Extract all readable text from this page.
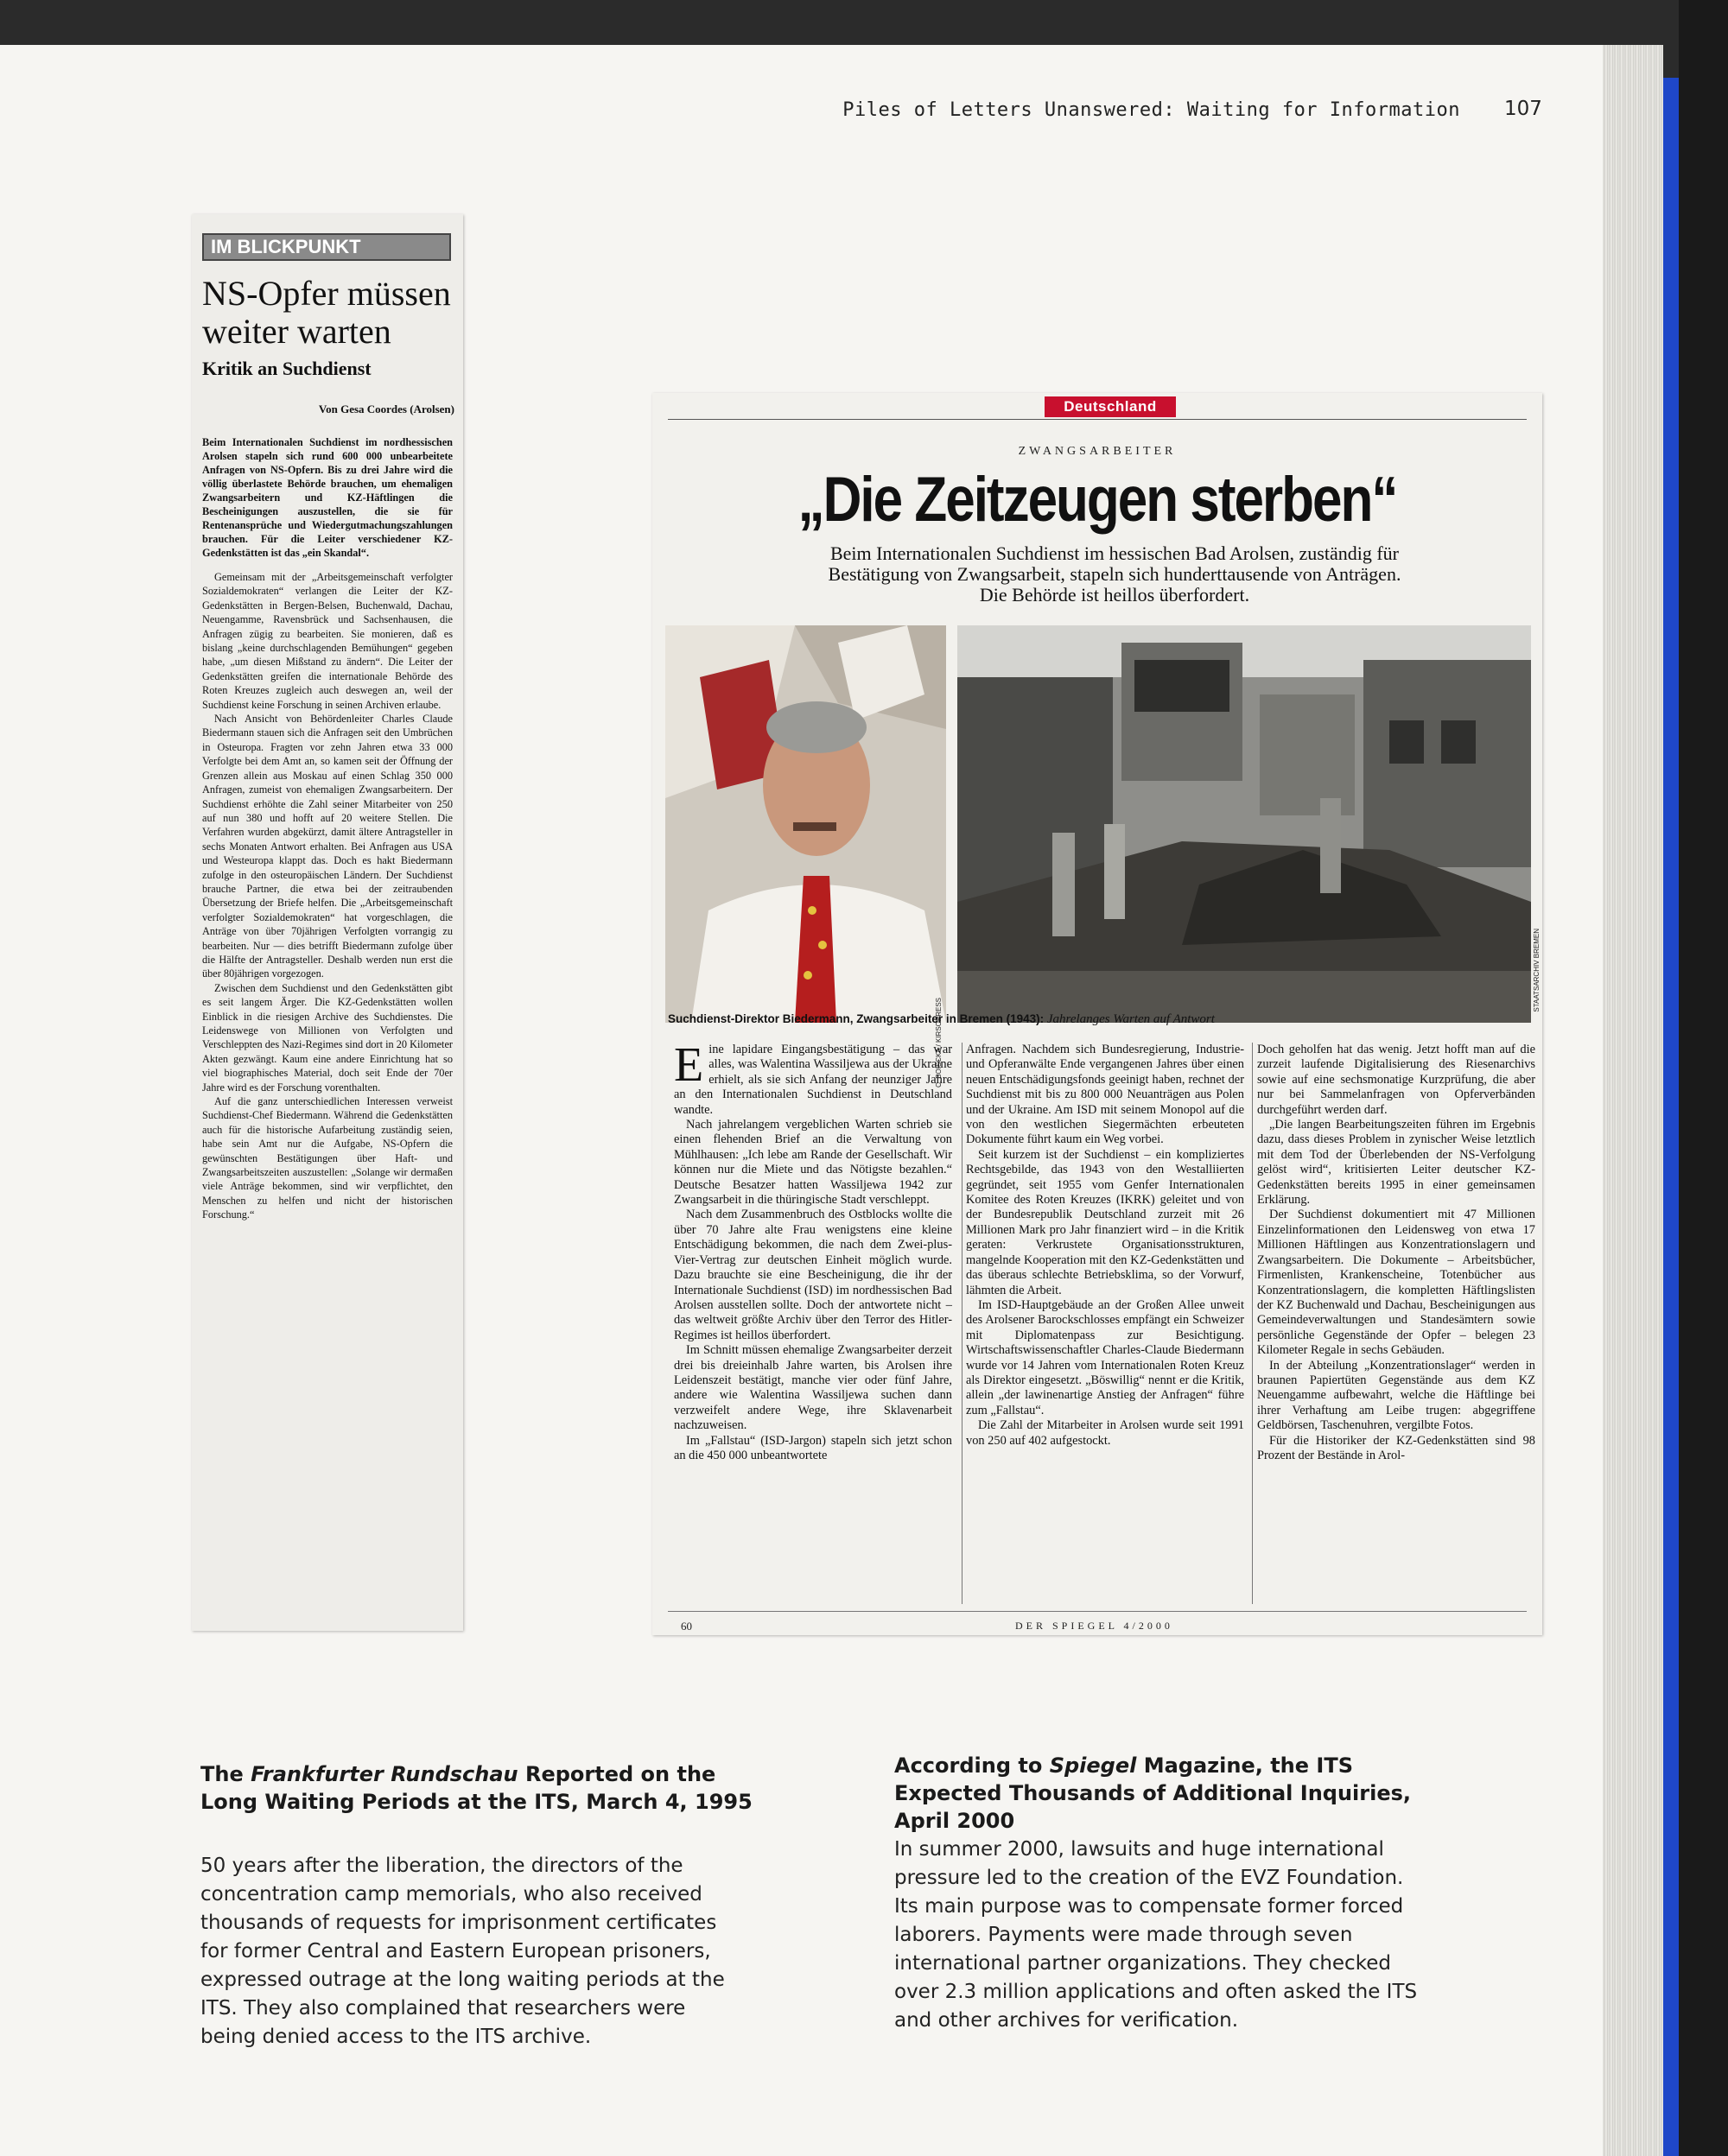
Piles of Letters Unanswered: Waiting for Information 107
IM BLICKPUNKT
NS-Opfer müssen weiter warten
Kritik an Suchdienst
Von Gesa Coordes (Arolsen)
Beim Internationalen Suchdienst im nordhessischen Arolsen stapeln sich rund 600 000 unbearbeitete Anfragen von NS-Opfern. Bis zu drei Jahre wird die völlig überlastete Behörde brauchen, um ehemaligen Zwangsarbeitern und KZ-Häftlingen die Bescheinigungen auszustellen, die sie für Rentenansprüche und Wiedergutmachungszahlungen brauchen. Für die Leiter verschiedener KZ-Gedenkstätten ist das „ein Skandal“.

Gemeinsam mit der „Arbeitsgemeinschaft verfolgter Sozialdemokraten“ verlangen die Leiter der KZ-Gedenkstätten in Bergen-Belsen, Buchenwald, Dachau, Neuengamme, Ravensbrück und Sachsenhausen, die Anfragen zügig zu bearbeiten. Sie monieren, daß es bislang „keine durchschlagenden Bemühungen“ gegeben habe, „um diesen Mißstand zu ändern“. Die Leiter der Gedenkstätten greifen die internationale Behörde des Roten Kreuzes zugleich auch deswegen an, weil der Suchdienst keine Forschung in seinen Archiven erlaube.

Nach Ansicht von Behördenleiter Charles Claude Biedermann stauen sich die Anfragen seit den Umbrüchen in Osteuropa. Fragten vor zehn Jahren etwa 33 000 Verfolgte bei dem Amt an, so kamen seit der Öffnung der Grenzen allein aus Moskau auf einen Schlag 350 000 Anfragen, zumeist von ehemaligen Zwangsarbeitern. Der Suchdienst erhöhte die Zahl seiner Mitarbeiter von 250 auf nun 380 und hofft auf 20 weitere Stellen. Die Verfahren wurden abgekürzt, damit ältere Antragsteller in sechs Monaten Antwort erhalten. Bei Anfragen aus USA und Westeuropa klappt das. Doch es hakt Biedermann zufolge in den osteuropäischen Ländern. Der Suchdienst brauche Partner, die etwa bei der zeitraubenden Übersetzung der Briefe helfen. Die „Arbeitsgemeinschaft verfolgter Sozialdemokraten“ hat vorgeschlagen, die Anträge von über 70jährigen Verfolgten vorrangig zu bearbeiten. Nur — dies betrifft Biedermann zufolge über die Hälfte der Antragsteller. Deshalb werden nun erst die über 80jährigen vorgezogen.

Zwischen dem Suchdienst und den Gedenkstätten gibt es seit langem Ärger. Die KZ-Gedenkstätten wollen Einblick in die riesigen Archive des Suchdienstes. Die Leidenswege von Millionen von Verfolgten und Verschleppten des Nazi-Regimes sind dort in 20 Kilometer Akten gezwängt. Kaum eine andere Einrichtung hat so viel biographisches Material, doch seit Ende der 70er Jahre wird es der Forschung vorenthalten.

Auf die ganz unterschiedlichen Interessen verweist Suchdienst-Chef Biedermann. Während die Gedenkstätten auch für die historische Aufarbeitung zuständig seien, habe sein Amt nur die Aufgabe, NS-Opfern die gewünschten Bestätigungen über Haft- und Zwangsarbeitszeiten auszustellen: „Solange wir dermaßen viele Anträge bekommen, sind wir verpflichtet, den Menschen zu helfen und nicht der historischen Forschung.“

Deutschland
ZWANGSARBEITER
„Die Zeitzeugen sterben“
Beim Internationalen Suchdienst im hessischen Bad Arolsen, zuständig für Bestätigung von Zwangsarbeit, stapeln sich hunderttausende von Anträgen. Die Behörde ist heillos überfordert.
C. BOISCKA / KIRSOPRESS
STAATSARCHIV BREMEN
Suchdienst-Direktor Biedermann, Zwangsarbeiter in Bremen (1943): Jahrelanges Warten auf Antwort

Eine lapidare Eingangsbestätigung – das war alles, was Walentina Wassiljewa aus der Ukraine erhielt, als sie sich Anfang der neunziger Jahre an den Internationalen Suchdienst in Deutschland wandte.

Nach jahrelangem vergeblichen Warten schrieb sie einen flehenden Brief an die Verwaltung von Mühlhausen: „Ich lebe am Rande der Gesellschaft. Wir können nur die Miete und das Nötigste bezahlen.“ Deutsche Besatzer hatten Wassiljewa 1942 zur Zwangsarbeit in die thüringische Stadt verschleppt.

Nach dem Zusammenbruch des Ostblocks wollte die über 70 Jahre alte Frau wenigstens eine kleine Entschädigung bekommen, die nach dem Zwei-plus-Vier-Vertrag zur deutschen Einheit möglich wurde. Dazu brauchte sie eine Bescheinigung, die ihr der Internationale Suchdienst (ISD) im nordhessischen Bad Arolsen ausstellen sollte. Doch der antwortete nicht – das weltweit größte Archiv über den Terror des Hitler-Regimes ist heillos überfordert.

Im Schnitt müssen ehemalige Zwangsarbeiter derzeit drei bis dreieinhalb Jahre warten, bis Arolsen ihre Leidenszeit bestätigt, manche vier oder fünf Jahre, andere wie Walentina Wassiljewa suchen dann verzweifelt andere Wege, ihre Sklavenarbeit nachzuweisen.

Im „Fallstau“ (ISD-Jargon) stapeln sich jetzt schon an die 450 000 unbeantwortete

Anfragen. Nachdem sich Bundesregierung, Industrie- und Opferanwälte Ende vergangenen Jahres über einen neuen Entschädigungsfonds geeinigt haben, rechnet der Suchdienst mit bis zu 800 000 Neuanträgen aus Polen und der Ukraine. Am ISD mit seinem Monopol auf die von den westlichen Siegermächten erbeuteten Dokumente führt kaum ein Weg vorbei.

Seit kurzem ist der Suchdienst – ein kompliziertes Rechtsgebilde, das 1943 von den Westalliierten gegründet, seit 1955 vom Genfer Internationalen Komitee des Roten Kreuzes (IKRK) geleitet und von der Bundesrepublik Deutschland zurzeit mit 26 Millionen Mark pro Jahr finanziert wird – in die Kritik geraten: Verkrustete Organisationsstrukturen, mangelnde Kooperation mit den KZ-Gedenkstätten und das überaus schlechte Betriebsklima, so der Vorwurf, lähmten die Arbeit.

Im ISD-Hauptgebäude an der Großen Allee unweit des Arolsener Barockschlosses empfängt ein Schweizer mit Diplomatenpass zur Besichtigung. Wirtschaftswissenschaftler Charles-Claude Biedermann wurde vor 14 Jahren vom Internationalen Roten Kreuz als Direktor eingesetzt. „Böswillig“ nennt er die Kritik, allein „der lawinenartige Anstieg der Anfragen“ führe zum „Fallstau“.

Die Zahl der Mitarbeiter in Arolsen wurde seit 1991 von 250 auf 402 aufgestockt.

Doch geholfen hat das wenig. Jetzt hofft man auf die zurzeit laufende Digitalisierung des Riesenarchivs sowie auf eine sechsmonatige Kurzprüfung, die aber nur bei Sammelanfragen von Opferverbänden durchgeführt werden darf.

„Die langen Bearbeitungszeiten führen im Ergebnis dazu, dass dieses Problem in zynischer Weise letztlich mit dem Tod der Überlebenden der NS-Verfolgung gelöst wird“, kritisierten Leiter deutscher KZ-Gedenkstätten bereits 1995 in einer gemeinsamen Erklärung.

Der Suchdienst dokumentiert mit 47 Millionen Einzelinformationen den Leidensweg von etwa 17 Millionen Häftlingen aus Konzentrationslagern und Zwangsarbeitern. Die Dokumente – Arbeitsbücher, Firmenlisten, Krankenscheine, Totenbücher aus Konzentrationslagern, die kompletten Häftlingslisten der KZ Buchenwald und Dachau, Bescheinigungen aus Gemeindeverwaltungen und Standesämtern sowie persönliche Gegenstände der Opfer – belegen 23 Kilometer Regale in sechs Gebäuden.

In der Abteilung „Konzentrationslager“ werden in braunen Papiertüten Gegenstände aus dem KZ Neuengamme aufbewahrt, welche die Häftlinge bei ihrer Verhaftung am Leibe trugen: abgegriffene Geldbörsen, Taschenuhren, vergilbte Fotos.

Für die Historiker der KZ-Gedenkstätten sind 98 Prozent der Bestände in Arol-

60	DER SPIEGEL 4/2000
The Frankfurter Rundschau Reported on the Long Waiting Periods at the ITS, March 4, 1995
50 years after the liberation, the directors of the concentration camp memorials, who also received thousands of requests for imprisonment certificates for former Central and Eastern European prisoners, expressed outrage at the long waiting periods at the ITS. They also complained that researchers were being denied access to the ITS archive.
According to Spiegel Magazine, the ITS Expected Thousands of Additional Inquiries, April 2000
In summer 2000, lawsuits and huge international pressure led to the creation of the EVZ Foundation. Its main purpose was to compensate former forced laborers. Payments were made through seven international partner organizations. They checked over 2.3 million applications and often asked the ITS and other archives for verification.
